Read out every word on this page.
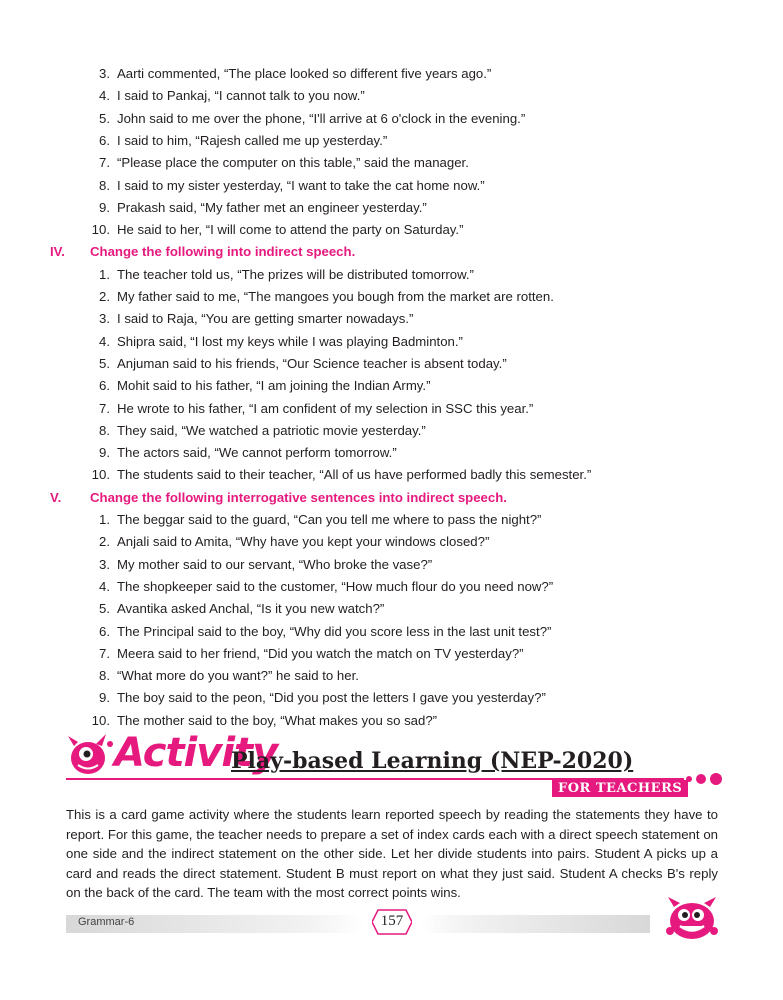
3. Aarti commented, “The place looked so different five years ago.”
4. I said to Pankaj, “I cannot talk to you now.”
5. John said to me over the phone, “I'll arrive at 6 o'clock in the evening.”
6. I said to him, “Rajesh called me up yesterday.”
7. “Please place the computer on this table,” said the manager.
8. I said to my sister yesterday, “I want to take the cat home now.”
9. Prakash said, “My father met an engineer yesterday.”
10. He said to her, “I will come to attend the party on Saturday.”
IV. Change the following into indirect speech.
1. The teacher told us, “The prizes will be distributed tomorrow.”
2. My father said to me, “The mangoes you bough from the market are rotten.
3. I said to Raja, “You are getting smarter nowadays.”
4. Shipra said, “I lost my keys while I was playing Badminton.”
5. Anjuman said to his friends, “Our Science teacher is absent today.”
6. Mohit said to his father, “I am joining the Indian Army.”
7. He wrote to his father, “I am confident of my selection in SSC this year.”
8. They said, “We watched a patriotic movie yesterday.”
9. The actors said, “We cannot perform tomorrow.”
10. The students said to their teacher, “All of us have performed badly this semester.”
V. Change the following interrogative sentences into indirect speech.
1. The beggar said to the guard, “Can you tell me where to pass the night?”
2. Anjali said to Amita, “Why have you kept your windows closed?”
3. My mother said to our servant, “Who broke the vase?”
4. The shopkeeper said to the customer, “How much flour do you need now?”
5. Avantika asked Anchal, “Is it you new watch?”
6. The Principal said to the boy, “Why did you score less in the last unit test?”
7. Meera said to her friend, “Did you watch the match on TV yesterday?”
8. “What more do you want?” he said to her.
9. The boy said to the peon, “Did you post the letters I gave you yesterday?”
10. The mother said to the boy, “What makes you so sad?”
Activity
Play-based Learning (NEP-2020)
FOR TEACHERS
This is a card game activity where the students learn reported speech by reading the statements they have to report. For this game, the teacher needs to prepare a set of index cards each with a direct speech statement on one side and the indirect statement on the other side. Let her divide students into pairs. Student A picks up a card and reads the direct statement. Student B must report on what they just said. Student A checks B's reply on the back of the card. The team with the most correct points wins.
Grammar-6	157
